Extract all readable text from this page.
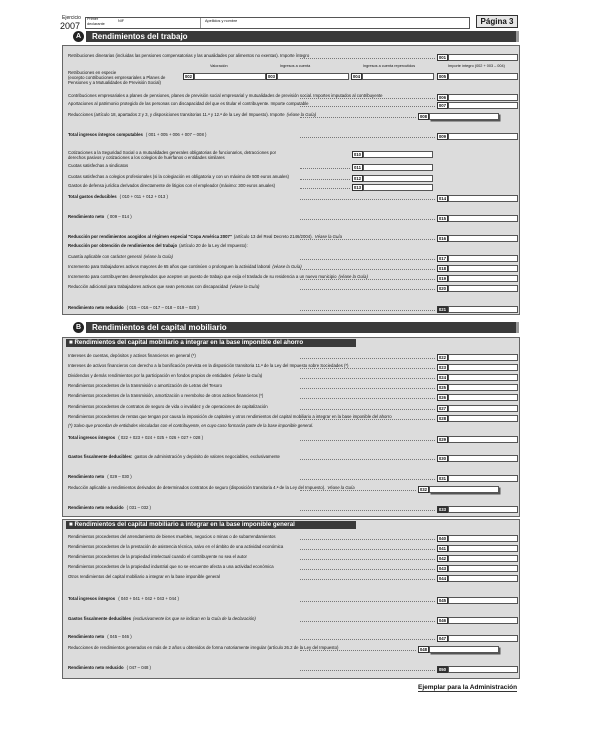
Ejercicio
2007
Primer declarante
NIF	Apellidos y nombre	Página 3
A	Rendimientos del trabajo
Valoración	Ingresos a cuenta	Ingresos a cuenta repercutidos	Importe íntegro (002 + 003 – 004)
Retribuciones dinerarias (incluidas las pensiones compensatorias y las anualidades por alimentos no exentas). Importe íntegro	001
Retribuciones en especie
(excepto contribuciones empresariales a Planes de
Pensiones y a Mutualidades de Previsión Social)
002	003	004	005
Contribuciones empresariales a planes de pensiones, planes de previsión social empresarial y mutualidades de previsión social. Importes imputados al contribuyente	006
Aportaciones al patrimonio protegido de las personas con discapacidad del que es titular el contribuyente. Importe computable	007
Reducciones (artículo 18, apartados 2 y 3, y disposiciones transitorias 11.ª y 12.ª de la Ley del Impuesto). Importe (véase la Guía)	008
Total ingresos íntegros computables ( 001 + 005 + 006 + 007 – 008 )	009
Cotizaciones a la Seguridad Social o a mutualidades generales obligatorias de funcionarios, detracciones por
derechos pasivos y cotizaciones a los colegios de huérfanos o entidades similares
010
Cuotas satisfechas a sindicatos	011
Cuotas satisfechas a colegios profesionales (si la colegiación es obligatoria y con un máximo de 500 euros anuales)	012
Gastos de defensa jurídica derivados directamente de litigios con el empleador (máximo: 300 euros anuales)	013
Total gastos deducibles ( 010 + 011 + 012 + 013 )	014
Rendimiento neto ( 009 – 014 )	015
Reducción por rendimientos acogidos al régimen especial "Copa América 2007" (artículo 13 del Real Decreto 2146/2004). Véase la Guía	016
Reducción por obtención de rendimientos del trabajo (artículo 20 de la Ley del Impuesto):
Cuantía aplicable con carácter general (véase la Guía)	017
Incremento para trabajadores activos mayores de 65 años que continúen o prolonguen la actividad laboral (véase la Guía)	018
Incremento para contribuyentes desempleados que acepten un puesto de trabajo que exija el traslado de su residencia a un nuevo municipio (véase la Guía)	019
Reducción adicional para trabajadores activos que sean personas con discapacidad (véase la Guía)	020
Rendimiento neto reducido ( 015 – 016 – 017 – 018 – 019 – 020 )	021
B	Rendimientos del capital mobiliario
■ Rendimientos del capital mobiliario a integrar en la base imponible del ahorro
■ Rendimientos del capital mobiliario a integrar en la base imponible general
Intereses de cuentas, depósitos y activos financieros en general (*)	022
Intereses de activos financieros con derecho a la bonificación prevista en la disposición transitoria 11.ª de la Ley del Impuesto sobre Sociedades (*)	023
Dividendos y demás rendimientos por la participación en fondos propios de entidades (véase la Guía)	024
Rendimientos procedentes de la transmisión o amortización de Letras del Tesoro	025
Rendimientos procedentes de la transmisión, amortización o reembolso de otros activos financieros (*)	026
Rendimientos procedentes de contratos de seguro de vida o invalidez y de operaciones de capitalización	027
Rendimientos procedentes de rentas que tengan por causa la imposición de capitales y otros rendimientos del capital mobiliario a integrar en la base imponible del ahorro	028
(*) Salvo que procedan de entidades vinculadas con el contribuyente, en cuyo caso formarán parte de la base imponible general.
Total ingresos íntegros ( 022 + 023 + 024 + 025 + 026 + 027 + 028 )	029
Gastos fiscalmente deducibles: gastos de administración y depósito de valores negociables, exclusivamente	030
Rendimiento neto ( 029 – 030 )	031
Reducción aplicable a rendimientos derivados de determinados contratos de seguro (disposición transitoria 4.ª de la Ley del Impuesto). Véase la Guía	032
Rendimiento neto reducido ( 031 – 032 )	033
Rendimientos procedentes del arrendamiento de bienes muebles, negocios o minas o de subarrendamientos	040
Rendimientos procedentes de la prestación de asistencia técnica, salvo en el ámbito de una actividad económica	041
Rendimientos procedentes de la propiedad intelectual cuando el contribuyente no sea el autor	042
Rendimientos procedentes de la propiedad industrial que no se encuentre afecta a una actividad económica	043
Otros rendimientos del capital mobiliario a integrar en la base imponible general	044
Total ingresos íntegros ( 040 + 041 + 042 + 043 + 044 )	045
Gastos fiscalmente deducibles (exclusivamente los que se indican en la Guía de la declaración)	046
Rendimiento neto ( 045 – 046 )	047
Reducciones de rendimientos generados en más de 2 años u obtenidos de forma notoriamente irregular (artículo 26.2 de la Ley del Impuesto)	048
Rendimiento neto reducido ( 047 – 048 )	050
Ejemplar para la Administración
